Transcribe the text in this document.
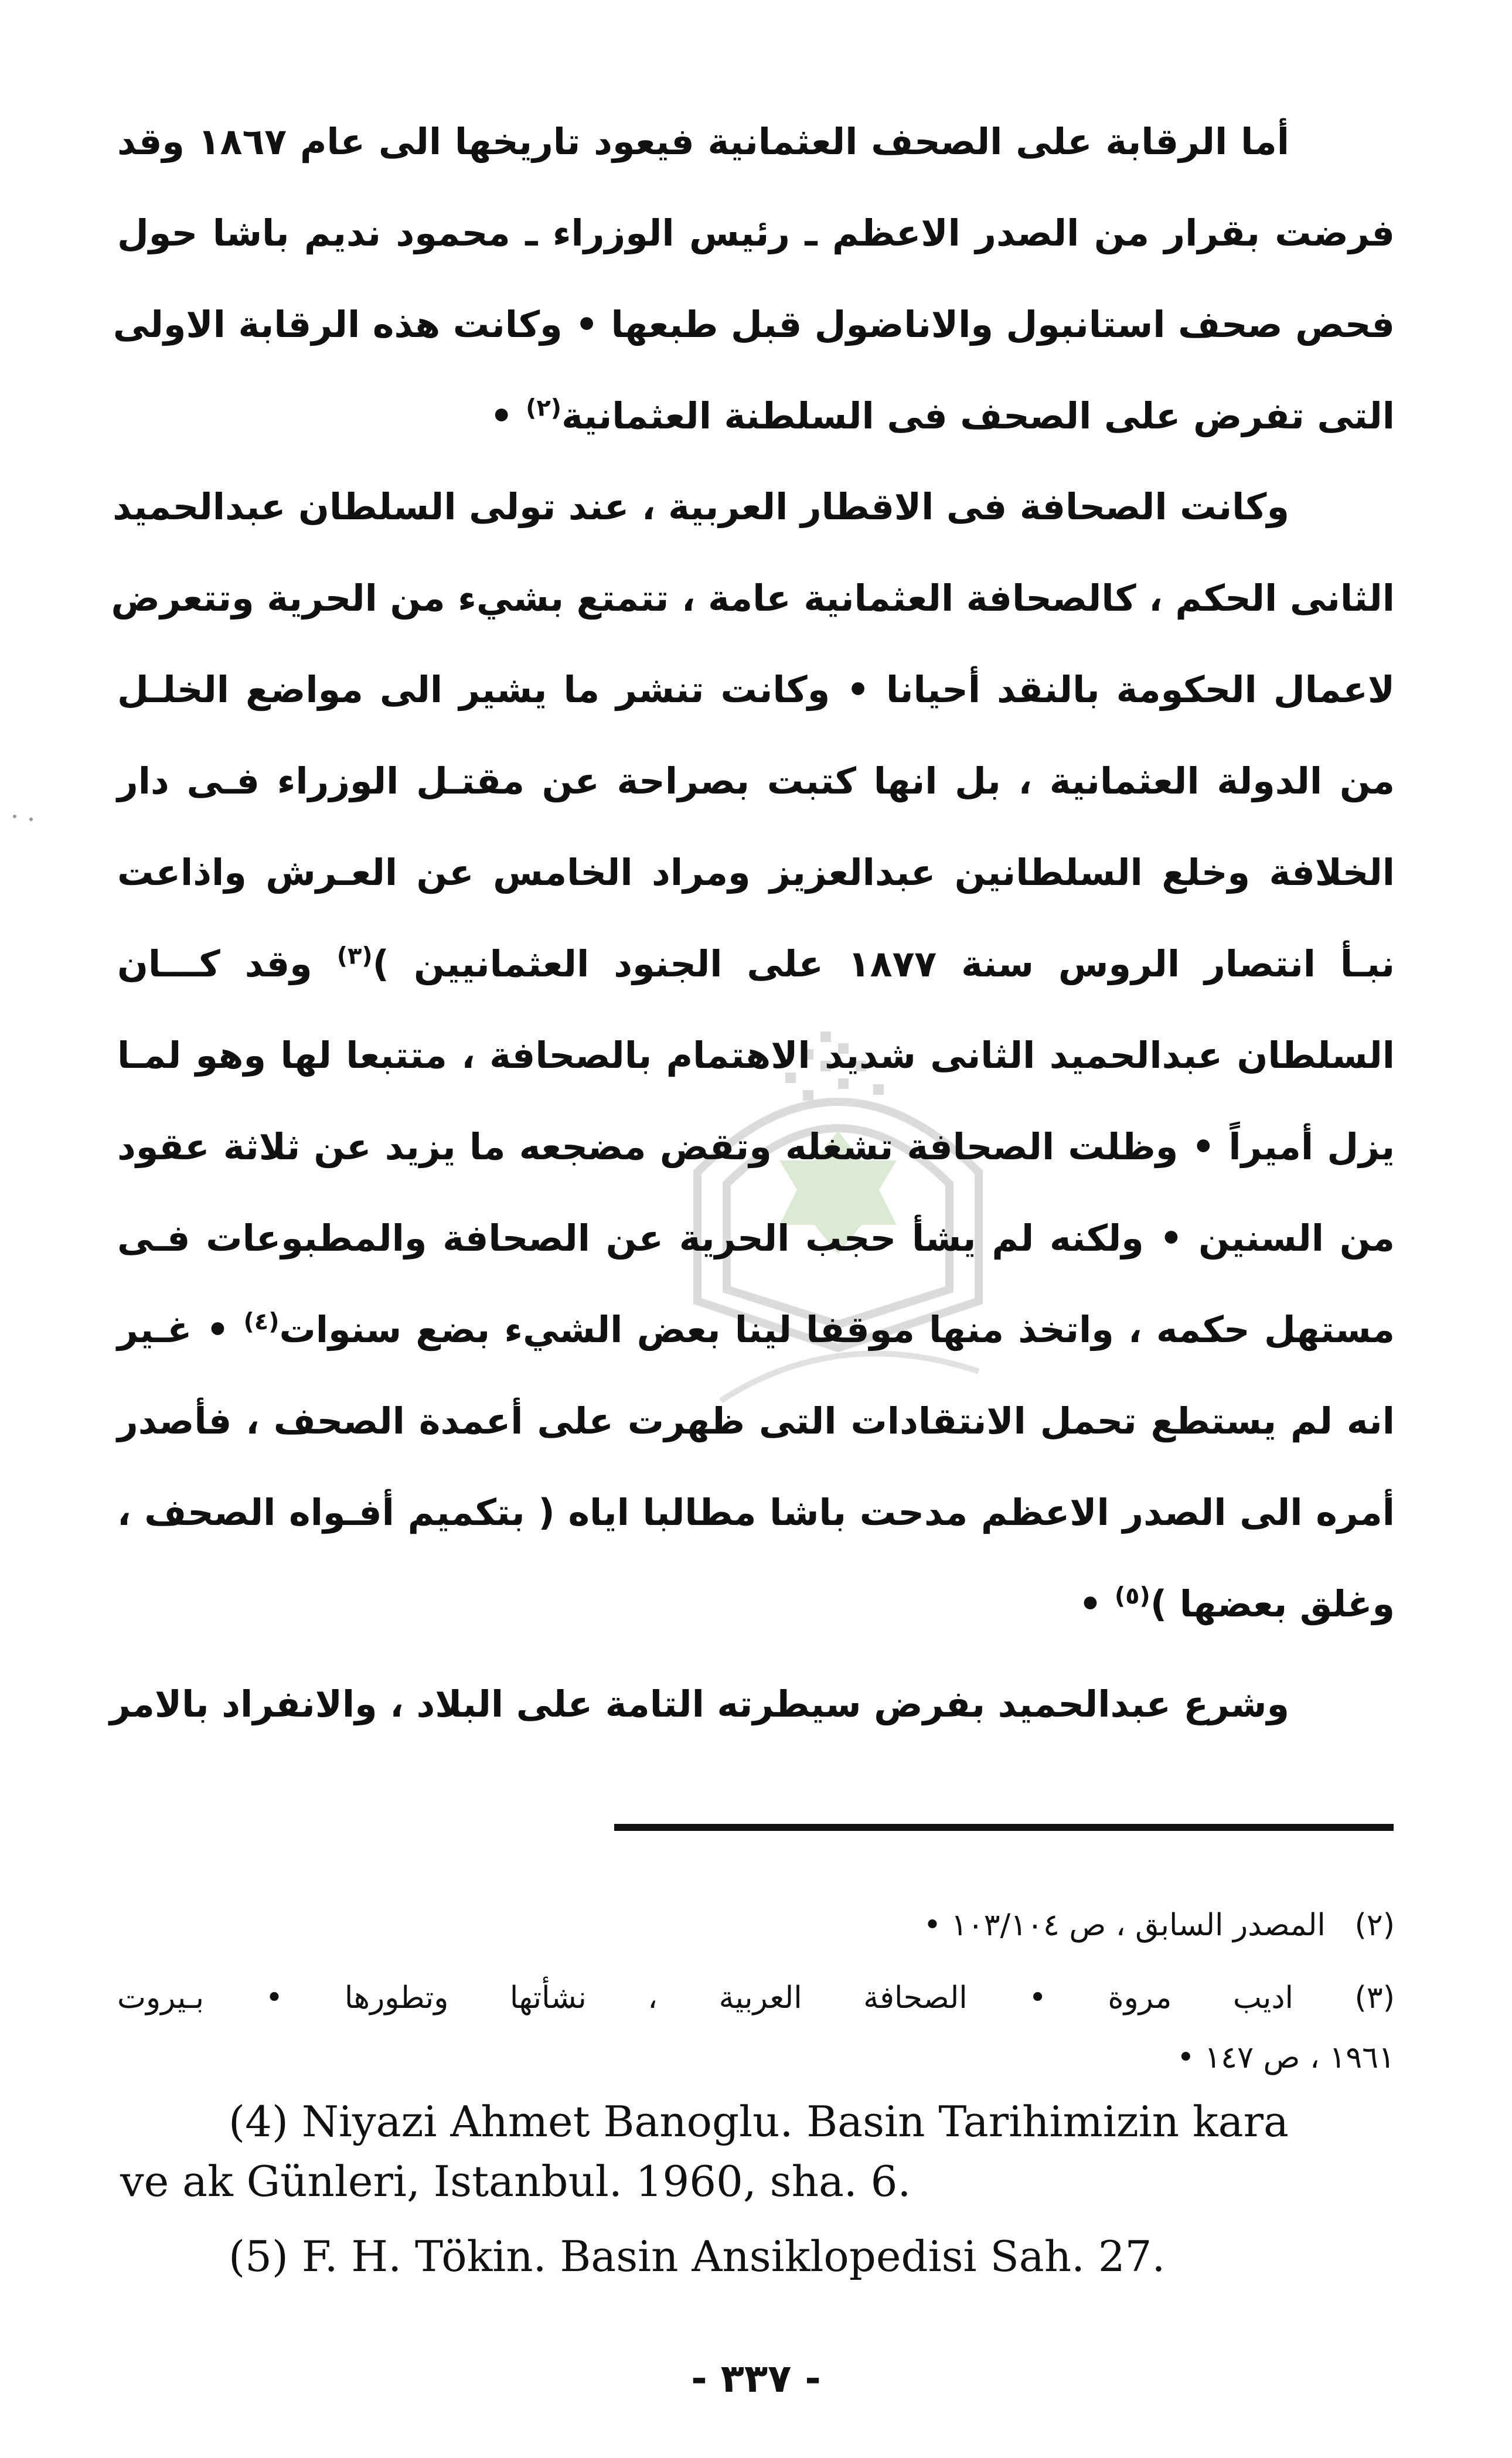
أما الرقابة على الصحف العثمانية فيعود تاريخها الى عام ١٨٦٧ وقد
فرضت بقرار من الصدر الاعظم ـ رئيس الوزراء ـ محمود نديم باشا حول
فحص صحف استانبول والاناضول قبل طبعها • وكانت هذه الرقابة الاولى
التى تفرض على الصحف فى السلطنة العثمانية$^{(٢)}$ •
وكانت الصحافة فى الاقطار العربية ، عند تولى السلطان عبدالحميد
الثانى الحكم ، كالصحافة العثمانية عامة ، تتمتع بشيء من الحرية وتتعرض
لاعمال الحكومة بالنقد أحيانا • وكانت تنشر ما يشير الى مواضع الخلـل
من الدولة العثمانية ، بل انها كتبت بصراحة عن مقتـل الوزراء فـى دار
الخلافة وخلع السلطانين عبدالعزيز ومراد الخامس عن العـرش واذاعت
نبـأ انتصار الروس سنة ١٨٧٧ على الجنود العثمانيين )$^{(٣)}$ وقد كـــان
السلطان عبدالحميد الثانى شديد الاهتمام بالصحافة ، متتبعا لها وهو لمـا
يزل أميراً • وظلت الصحافة تشغله وتقض مضجعه ما يزيد عن ثلاثة عقود
من السنين • ولكنه لم يشأ حجب الحرية عن الصحافة والمطبوعات فـى
مستهل حكمه ، واتخذ منها موقفا لينا بعض الشيء بضع سنوات$^{(٤)}$ • غـير
انه لم يستطع تحمل الانتقادات التى ظهرت على أعمدة الصحف ، فأصدر
أمره الى الصدر الاعظم مدحت باشا مطالبا اياه ( بتكميم أفـواه الصحف ،
وغلق بعضها )$^{(٥)}$ •
وشرع عبدالحميد بفرض سيطرته التامة على البلاد ، والانفراد بالامر
(٢)   المصدر السابق ، ص ١٠٣/١٠٤ •
(٣) اديب مروة • الصحافة العربية ، نشأتها وتطورها • بـيروت
١٩٦١ ، ص ١٤٧ •
(4) Niyazi Ahmet Banoglu. Basin Tarihimizin kara
ve ak Günleri, Istanbul. 1960, sha. 6.
(5) F. H. Tökin. Basin Ansiklopedisi Sah. 27.
- ٣٣٧ -
